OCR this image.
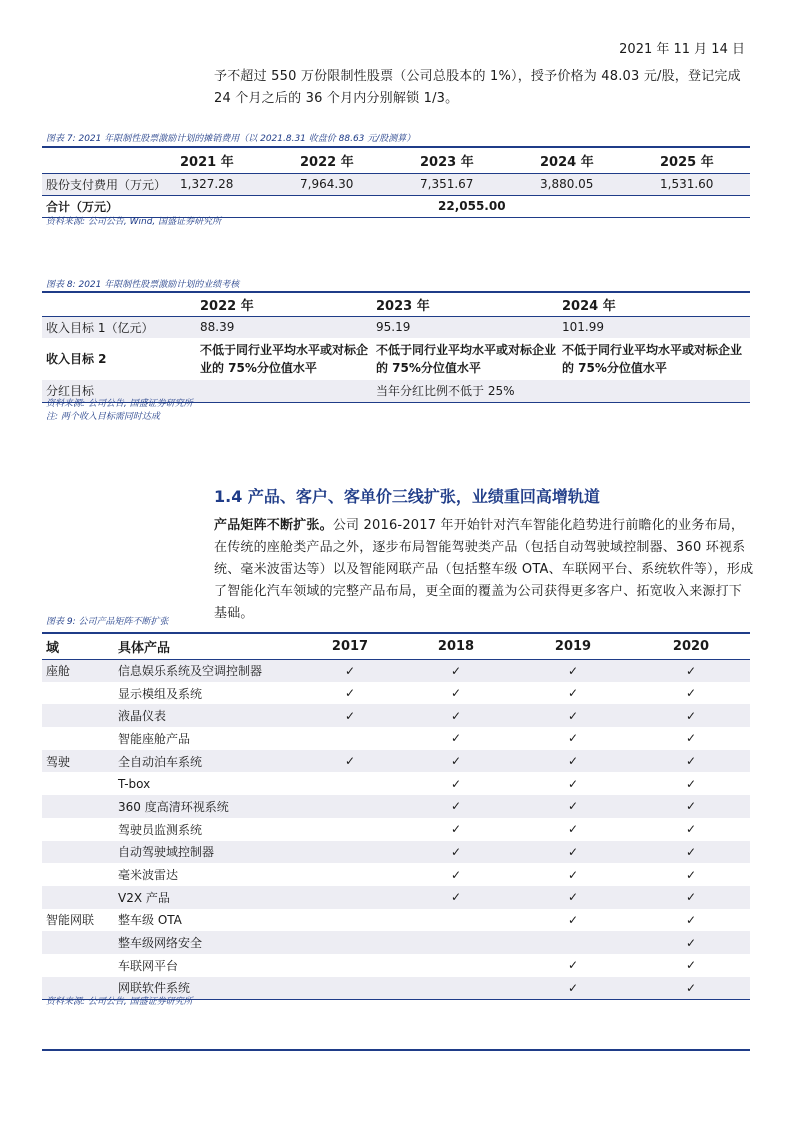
2021 年 11 月 14 日
予不超过 550 万份限制性股票（公司总股本的 1%），授予价格为 48.03 元/股，登记完成 24 个月之后的 36 个月内分别解锁 1/3。
图表 7: 2021 年限制性股票激励计划的摊销费用（以 2021.8.31 收盘价 88.63 元/股测算）
	2021 年	2022 年	2023 年	2024 年	2025 年
股份支付费用（万元）	1,327.28	7,964.30	7,351.67	3,880.05	1,531.60
合计（万元）	22,055.00				
资料来源: 公司公告, Wind, 国盛证券研究所
图表 8: 2021 年限制性股票激励计划的业绩考核
	2022 年	2023 年	2024 年
收入目标 1（亿元）	88.39	95.19	101.99
收入目标 2	不低于同行业平均水平或对标企业的 75%分位值水平	不低于同行业平均水平或对标企业的 75%分位值水平	不低于同行业平均水平或对标企业的 75%分位值水平
分红目标	当年分红比例不低于 25%		
资料来源: 公司公告, 国盛证券研究所
注: 两个收入目标需同时达成
1.4 产品、客户、客单价三线扩张，业绩重回高增轨道
产品矩阵不断扩张。公司 2016-2017 年开始针对汽车智能化趋势进行前瞻化的业务布局，在传统的座舱类产品之外，逐步布局智能驾驶类产品（包括自动驾驶域控制器、360 环视系统、毫米波雷达等）以及智能网联产品（包括整车级 OTA、车联网平台、系统软件等），形成了智能化汽车领域的完整产品布局，更全面的覆盖为公司获得更多客户、拓宽收入来源打下基础。
图表 9: 公司产品矩阵不断扩张
域	具体产品	2017	2018	2019	2020
座舱	信息娱乐系统及空调控制器	✓	✓	✓	✓
	显示模组及系统	✓	✓	✓	✓
	液晶仪表	✓	✓	✓	✓
	智能座舱产品		✓	✓	✓
驾驶	全自动泊车系统	✓	✓	✓	✓
	T-box		✓	✓	✓
	360 度高清环视系统		✓	✓	✓
	驾驶员监测系统		✓	✓	✓
	自动驾驶域控制器		✓	✓	✓
	毫米波雷达		✓	✓	✓
	V2X 产品		✓	✓	✓
智能网联	整车级 OTA			✓	✓
	整车级网络安全				✓
	车联网平台			✓	✓
	网联软件系统			✓	✓
资料来源: 公司公告, 国盛证券研究所
